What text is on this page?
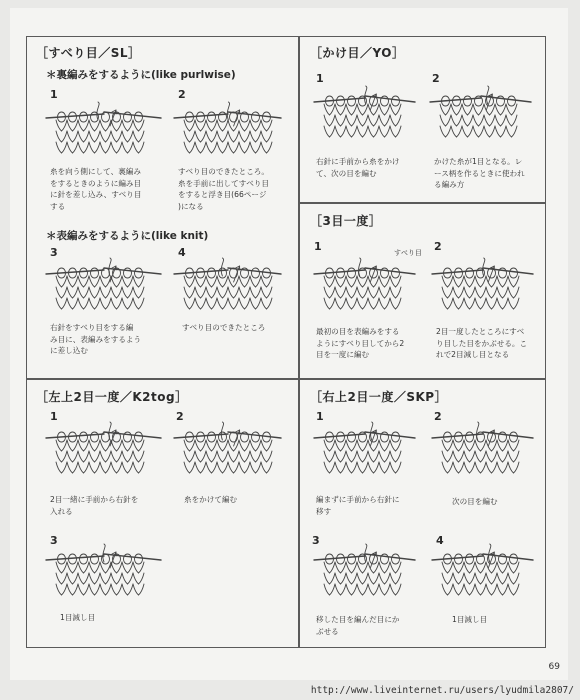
［すべり目／SL］
＊裏編みをするように(like purlwise)
1
糸を向う側にして、裏編み
をするときのように編み目
に針を差し込み、すべり目
する
2
すべり目のできたところ。
糸を手前に出してすべり目
をすると浮き目(66ページ
)になる
＊表編みをするように(like knit)
3
右針をすべり目をする編
み目に、表編みをするよう
に差し込む
4
すべり目のできたところ
［かけ目／YO］
1
右針に手前から糸をかけ
て、次の目を編む
2
かけた糸が1目となる。レ
ース柄を作るときに使われ
る編み方
［3目一度］
1	すべり目
最初の目を表編みをする
ようにすべり目してから2
目を一度に編む
2
2目一度したところにすべ
り目した目をかぶせる。こ
れで2目減し目となる
［左上2目一度／K2tog］
1
2目一緒に手前から右針を
入れる
2
糸をかけて編む
3
1目減し目
［右上2目一度／SKP］
1
編まずに手前から右針に
移す
2
次の目を編む
3
移した目を編んだ目にか
ぶせる
4
1目減し目
69
http://www.liveinternet.ru/users/lyudmila2807/
